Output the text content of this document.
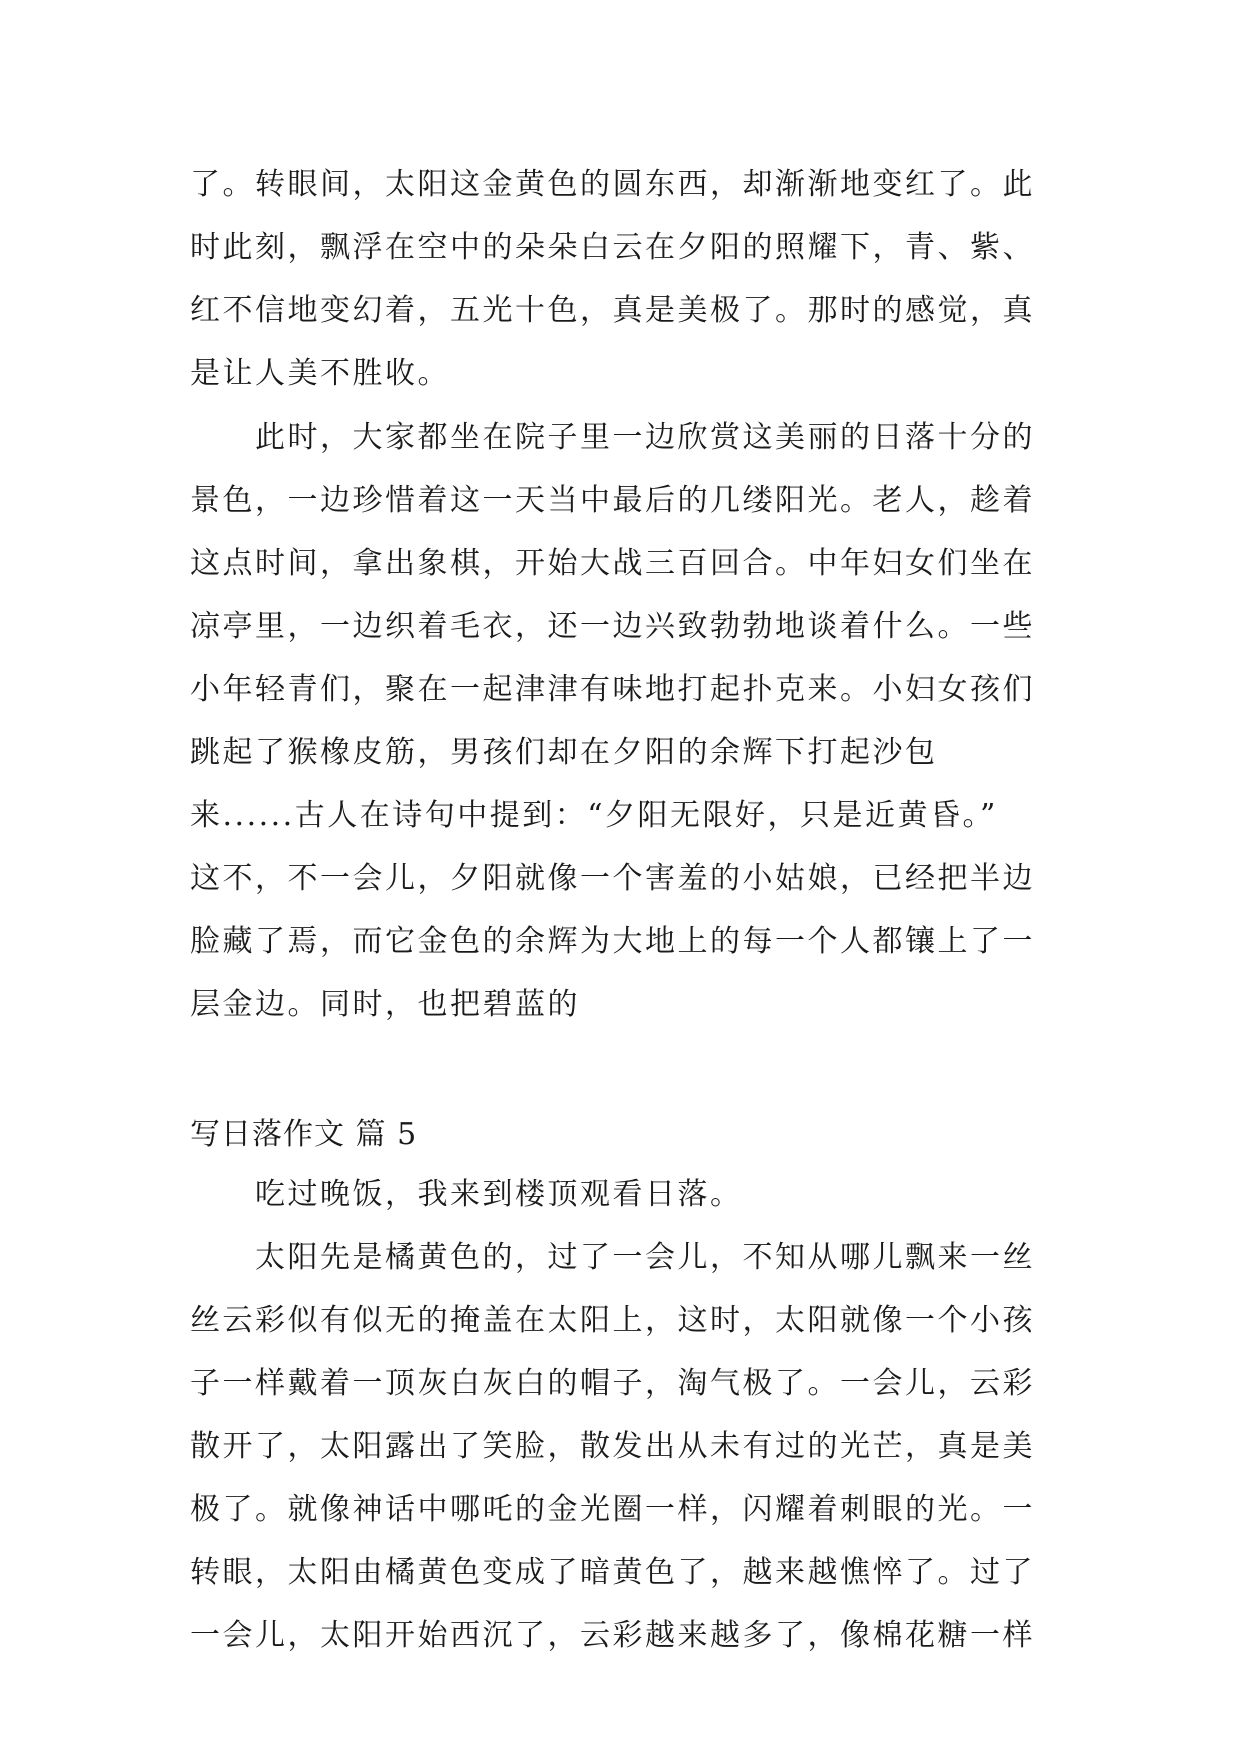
了。转眼间，太阳这金黄色的圆东西，却渐渐地变红了。此
时此刻，飘浮在空中的朵朵白云在夕阳的照耀下，青、紫、
红不信地变幻着，五光十色，真是美极了。那时的感觉，真
是让人美不胜收。
此时，大家都坐在院子里一边欣赏这美丽的日落十分的
景色，一边珍惜着这一天当中最后的几缕阳光。老人，趁着
这点时间，拿出象棋，开始大战三百回合。中年妇女们坐在
凉亭里，一边织着毛衣，还一边兴致勃勃地谈着什么。一些
小年轻青们，聚在一起津津有味地打起扑克来。小妇女孩们
跳起了猴橡皮筋，男孩们却在夕阳的余辉下打起沙包
来......古人在诗句中提到：“夕阳无限好，只是近黄昏。”
这不，不一会儿，夕阳就像一个害羞的小姑娘，已经把半边
脸藏了焉，而它金色的余辉为大地上的每一个人都镶上了一
层金边。同时，也把碧蓝的
写日落作文 篇 5
吃过晚饭，我来到楼顶观看日落。
太阳先是橘黄色的，过了一会儿，不知从哪儿飘来一丝
丝云彩似有似无的掩盖在太阳上，这时，太阳就像一个小孩
子一样戴着一顶灰白灰白的帽子，淘气极了。一会儿，云彩
散开了，太阳露出了笑脸，散发出从未有过的光芒，真是美
极了。就像神话中哪吒的金光圈一样，闪耀着刺眼的光。一
转眼，太阳由橘黄色变成了暗黄色了，越来越憔悴了。过了
一会儿，太阳开始西沉了，云彩越来越多了，像棉花糖一样
